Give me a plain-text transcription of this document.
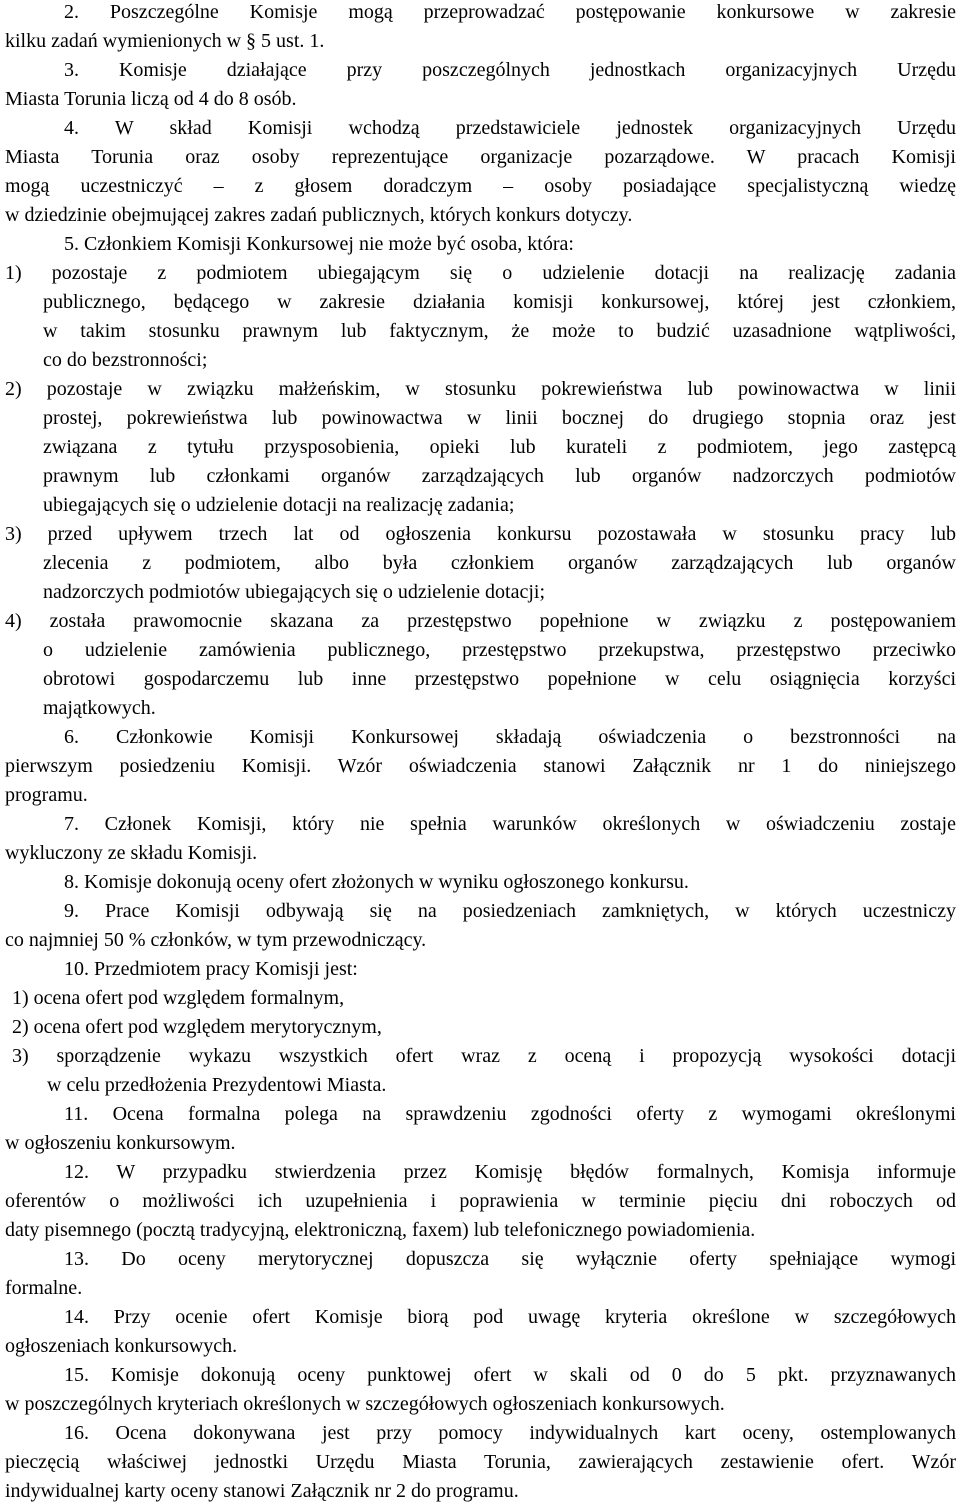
2. Poszczególne Komisje mogą przeprowadzać postępowanie konkursowe w zakresie
kilku zadań wymienionych w § 5 ust. 1.
3. Komisje działające przy poszczególnych jednostkach organizacyjnych Urzędu
Miasta Torunia liczą od 4 do 8 osób.
4. W skład Komisji wchodzą przedstawiciele jednostek organizacyjnych Urzędu
Miasta Torunia oraz osoby reprezentujące organizacje pozarządowe. W pracach Komisji
mogą uczestniczyć – z głosem doradczym – osoby posiadające specjalistyczną wiedzę
w dziedzinie obejmującej zakres zadań publicznych, których konkurs dotyczy.
5. Członkiem Komisji Konkursowej nie może być osoba, która:
1) pozostaje z podmiotem ubiegającym się o udzielenie dotacji na realizację zadania
publicznego, będącego w zakresie działania komisji konkursowej, której jest członkiem,
w takim stosunku prawnym lub faktycznym, że może to budzić uzasadnione wątpliwości,
co do bezstronności;
2) pozostaje w związku małżeńskim, w stosunku pokrewieństwa lub powinowactwa w linii
prostej, pokrewieństwa lub powinowactwa w linii bocznej do drugiego stopnia oraz jest
związana z tytułu przysposobienia, opieki lub kurateli z podmiotem, jego zastępcą
prawnym lub członkami organów zarządzających lub organów nadzorczych podmiotów
ubiegających się o udzielenie dotacji na realizację zadania;
3) przed upływem trzech lat od ogłoszenia konkursu pozostawała w stosunku pracy lub
zlecenia z podmiotem, albo była członkiem organów zarządzających lub organów
nadzorczych podmiotów ubiegających się o udzielenie dotacji;
4) została prawomocnie skazana za przestępstwo popełnione w związku z postępowaniem
o udzielenie zamówienia publicznego, przestępstwo przekupstwa, przestępstwo przeciwko
obrotowi gospodarczemu lub inne przestępstwo popełnione w celu osiągnięcia korzyści
majątkowych.
6. Członkowie Komisji Konkursowej składają oświadczenia o bezstronności na
pierwszym posiedzeniu Komisji. Wzór oświadczenia stanowi Załącznik nr 1 do niniejszego
programu.
7. Członek Komisji, który nie spełnia warunków określonych w oświadczeniu zostaje
wykluczony ze składu Komisji.
8. Komisje dokonują oceny ofert złożonych w wyniku ogłoszonego konkursu.
9. Prace Komisji odbywają się na posiedzeniach zamkniętych, w których uczestniczy
co najmniej 50 % członków, w tym przewodniczący.
10. Przedmiotem pracy Komisji jest:
1) ocena ofert pod względem formalnym,
2) ocena ofert pod względem merytorycznym,
3) sporządzenie wykazu wszystkich ofert wraz z oceną i propozycją wysokości dotacji
w celu przedłożenia Prezydentowi Miasta.
11. Ocena formalna polega na sprawdzeniu zgodności oferty z wymogami określonymi
w ogłoszeniu konkursowym.
12. W przypadku stwierdzenia przez Komisję błędów formalnych, Komisja informuje
oferentów o możliwości ich uzupełnienia i poprawienia w terminie pięciu dni roboczych od
daty pisemnego (pocztą tradycyjną, elektroniczną, faxem) lub telefonicznego powiadomienia.
13. Do oceny merytorycznej dopuszcza się wyłącznie oferty spełniające wymogi
formalne.
14. Przy ocenie ofert Komisje biorą pod uwagę kryteria określone w szczegółowych
ogłoszeniach konkursowych.
15. Komisje dokonują oceny punktowej ofert w skali od 0 do 5 pkt. przyznawanych
w poszczególnych kryteriach określonych w szczegółowych ogłoszeniach konkursowych.
16. Ocena dokonywana jest przy pomocy indywidualnych kart oceny, ostemplowanych
pieczęcią właściwej jednostki Urzędu Miasta Torunia, zawierających zestawienie ofert. Wzór
indywidualnej karty oceny stanowi Załącznik nr 2 do programu.
